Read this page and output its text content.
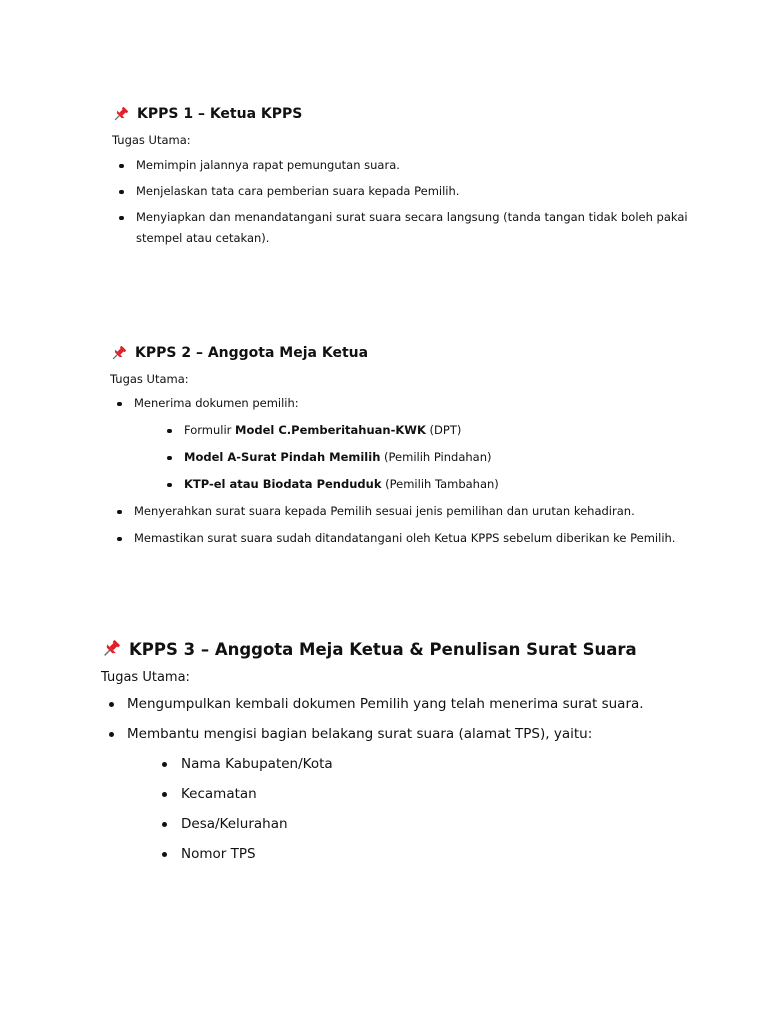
KPPS 1 – Ketua KPPS

Tugas Utama:

Memimpin jalannya rapat pemungutan suara.
Menjelaskan tata cara pemberian suara kepada Pemilih.
Menyiapkan dan menandatangani surat suara secara langsung (tanda tangan tidak boleh pakai stempel atau cetakan).
KPPS 2 – Anggota Meja Ketua

Tugas Utama:

Menerima dokumen pemilih:
Formulir Model C.Pemberitahuan-KWK (DPT)
Model A-Surat Pindah Memilih (Pemilih Pindahan)
KTP-el atau Biodata Penduduk (Pemilih Tambahan)
Menyerahkan surat suara kepada Pemilih sesuai jenis pemilihan dan urutan kehadiran.
Memastikan surat suara sudah ditandatangani oleh Ketua KPPS sebelum diberikan ke Pemilih.
KPPS 3 – Anggota Meja Ketua & Penulisan Surat Suara

Tugas Utama:

Mengumpulkan kembali dokumen Pemilih yang telah menerima surat suara.
Membantu mengisi bagian belakang surat suara (alamat TPS), yaitu:
Nama Kabupaten/Kota
Kecamatan
Desa/Kelurahan
Nomor TPS
